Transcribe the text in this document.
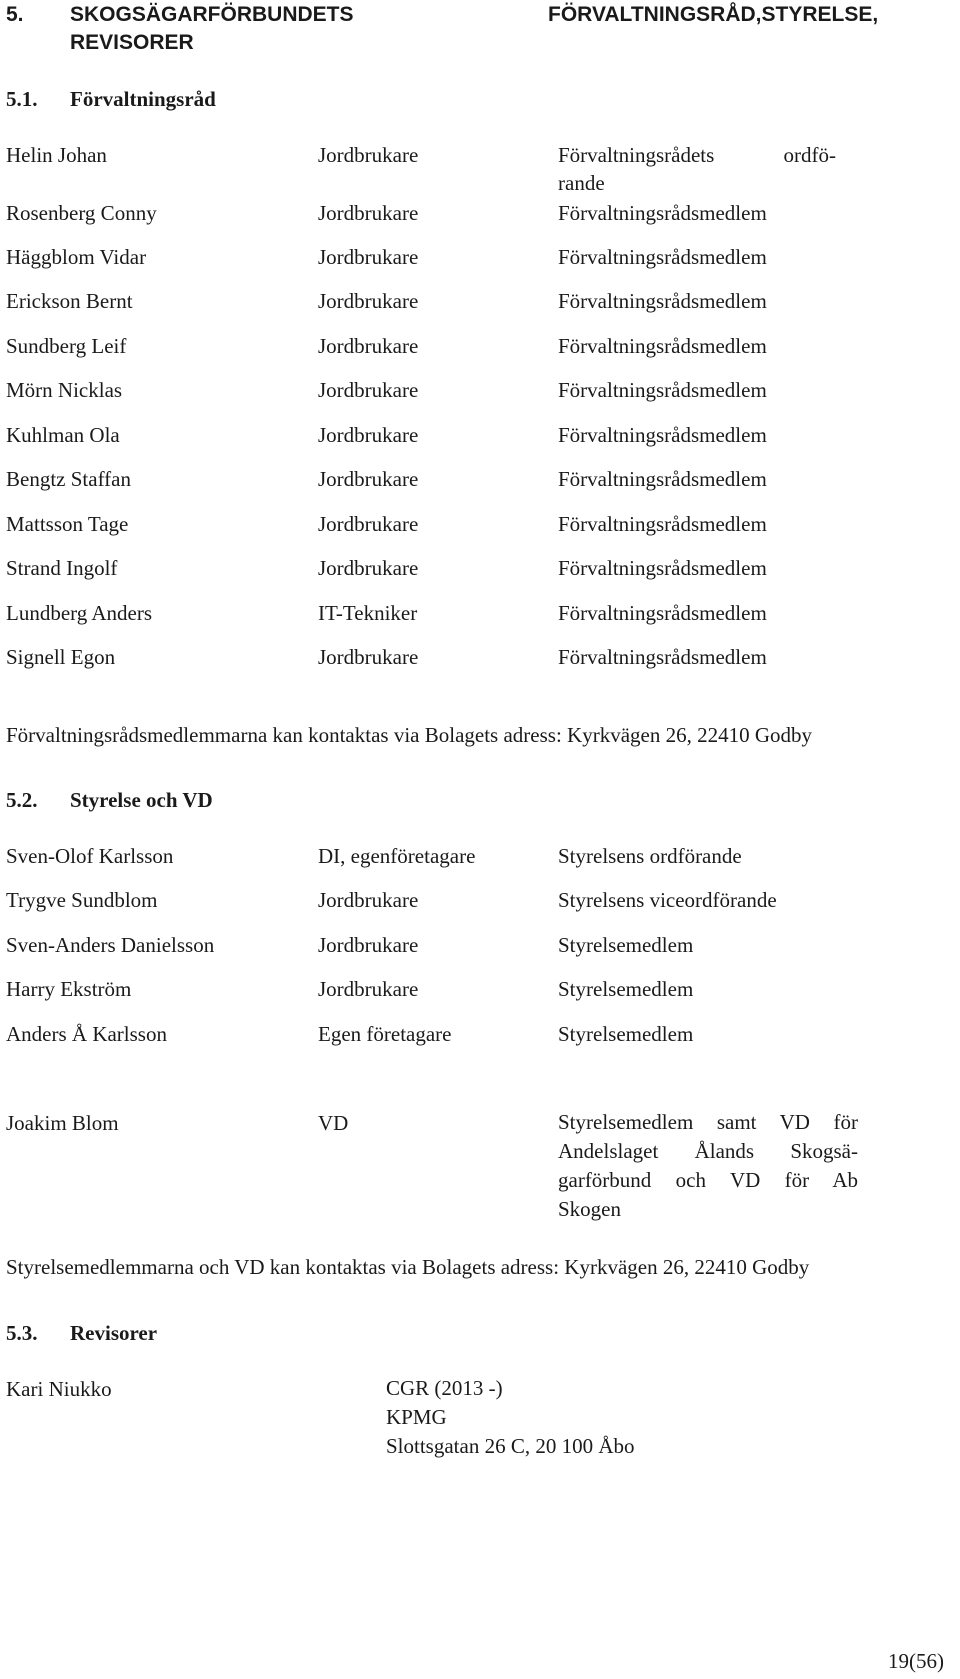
5. SKOGSÄGARFÖRBUNDETS	FÖRVALTNINGSRÅD,STYRELSE,
REVISORER
5.1. Förvaltningsråd
Helin Johan	Jordbrukare	Förvaltningsrådets ordfö-
rande
Rosenberg Conny	Jordbrukare	Förvaltningsrådsmedlem
Häggblom Vidar	Jordbrukare	Förvaltningsrådsmedlem
Erickson Bernt	Jordbrukare	Förvaltningsrådsmedlem
Sundberg Leif	Jordbrukare	Förvaltningsrådsmedlem
Mörn Nicklas	Jordbrukare	Förvaltningsrådsmedlem
Kuhlman Ola	Jordbrukare	Förvaltningsrådsmedlem
Bengtz Staffan	Jordbrukare	Förvaltningsrådsmedlem
Mattsson Tage	Jordbrukare	Förvaltningsrådsmedlem
Strand Ingolf	Jordbrukare	Förvaltningsrådsmedlem
Lundberg Anders	IT-Tekniker	Förvaltningsrådsmedlem
Signell Egon	Jordbrukare	Förvaltningsrådsmedlem
Förvaltningsrådsmedlemmarna kan kontaktas via Bolagets adress: Kyrkvägen 26, 22410 Godby
5.2. Styrelse och VD
Sven-Olof Karlsson	DI, egenföretagare	Styrelsens ordförande
Trygve Sundblom	Jordbrukare	Styrelsens viceordförande
Sven-Anders Danielsson	Jordbrukare	Styrelsemedlem
Harry Ekström	Jordbrukare	Styrelsemedlem
Anders Å Karlsson	Egen företagare	Styrelsemedlem
Joakim Blom	VD	Styrelsemedlem samt VD för
Andelslaget Ålands Skogsä-
garförbund och VD för Ab
Skogen
Styrelsemedlemmarna och VD kan kontaktas via Bolagets adress: Kyrkvägen 26, 22410 Godby
5.3. Revisorer
Kari Niukko	CGR (2013 -)
KPMG
Slottsgatan 26 C, 20 100 Åbo
19(56)
